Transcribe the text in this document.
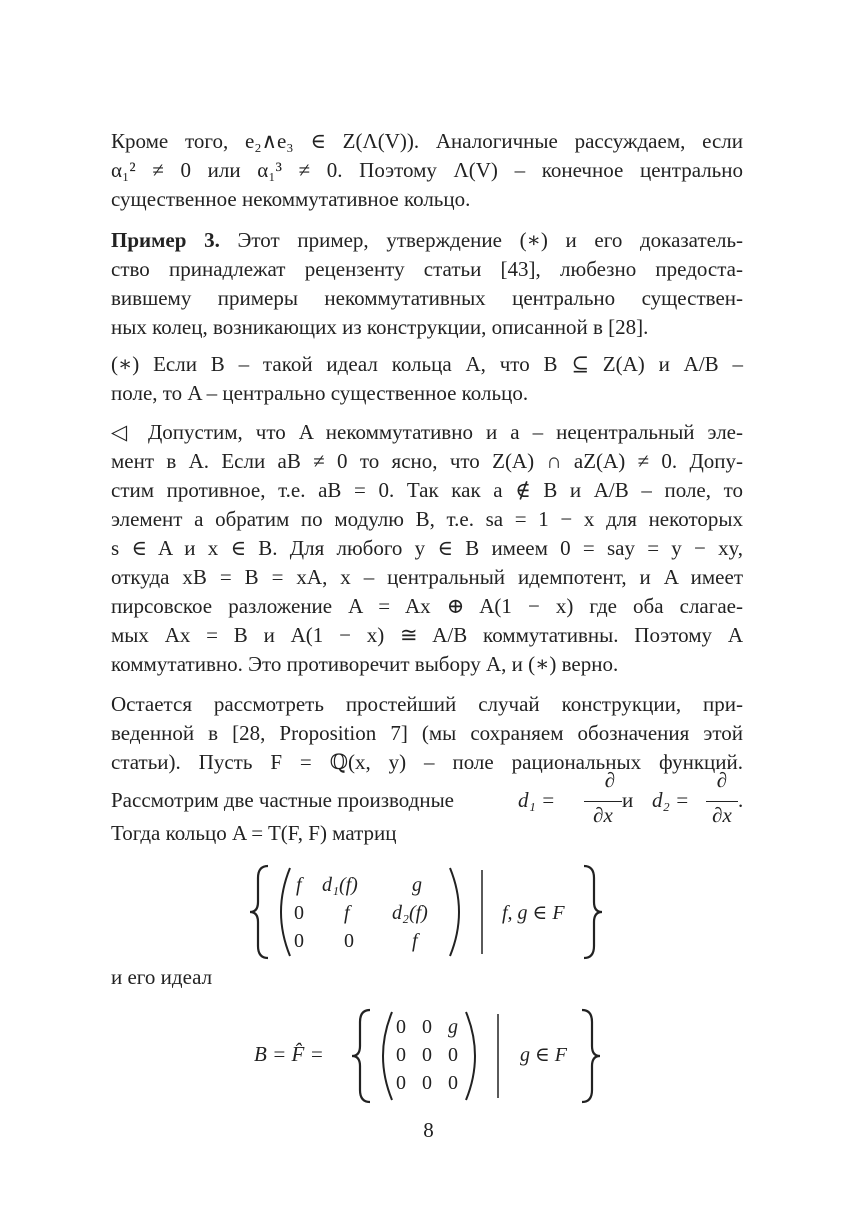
Кроме того, e₂∧e₃ ∈ Z(Λ(V)). Аналогичные рассуждаем, если
α₁² ≠ 0 или α₁³ ≠ 0. Поэтому Λ(V) – конечное центрально
существенное некоммутативное кольцо.
Пример 3. Этот пример, утверждение (∗) и его доказатель-
ство принадлежат рецензенту статьи [43], любезно предоста-
вившему примеры некоммутативных центрально существен-
ных колец, возникающих из конструкции, описанной в [28].
(∗) Если B – такой идеал кольца A, что B ⊆ Z(A) и A/B –
поле, то A – центрально существенное кольцо.
◁ Допустим, что A некоммутативно и a – нецентральный эле-
мент в A. Если aB ≠ 0 то ясно, что Z(A) ∩ aZ(A) ≠ 0. Допу-
стим противное, т.е. aB = 0. Так как a ∉ B и A/B – поле, то
элемент a обратим по модулю B, т.е. sa = 1 − x для некоторых
s ∈ A и x ∈ B. Для любого y ∈ B имеем 0 = say = y − xy,
откуда xB = B = xA, x – центральный идемпотент, и A имеет
пирсовское разложение A = Ax ⊕ A(1 − x) где оба слагае-
мых Ax = B и A(1 − x) ≅ A/B коммутативны. Поэтому A
коммутативно. Это противоречит выбору A, и (∗) верно.
Остается рассмотреть простейший случай конструкции, при-
веденной в [28, Proposition 7] (мы сохраняем обозначения этой
статьи). Пусть F = ℚ(x, y) – поле рациональных функций.
Рассмотрим две частные производные	d₁ =
∂
∂x
и d₂ =
∂
∂x
.
Тогда кольцо A = T(F, F) матриц
f d₁(f)	g
0 f d₂(f)
0 0	f
f, g ∈ F
и его идеал
B = F̂ =
0 0 g
0 0 0
0 0 0
g ∈ F
8
